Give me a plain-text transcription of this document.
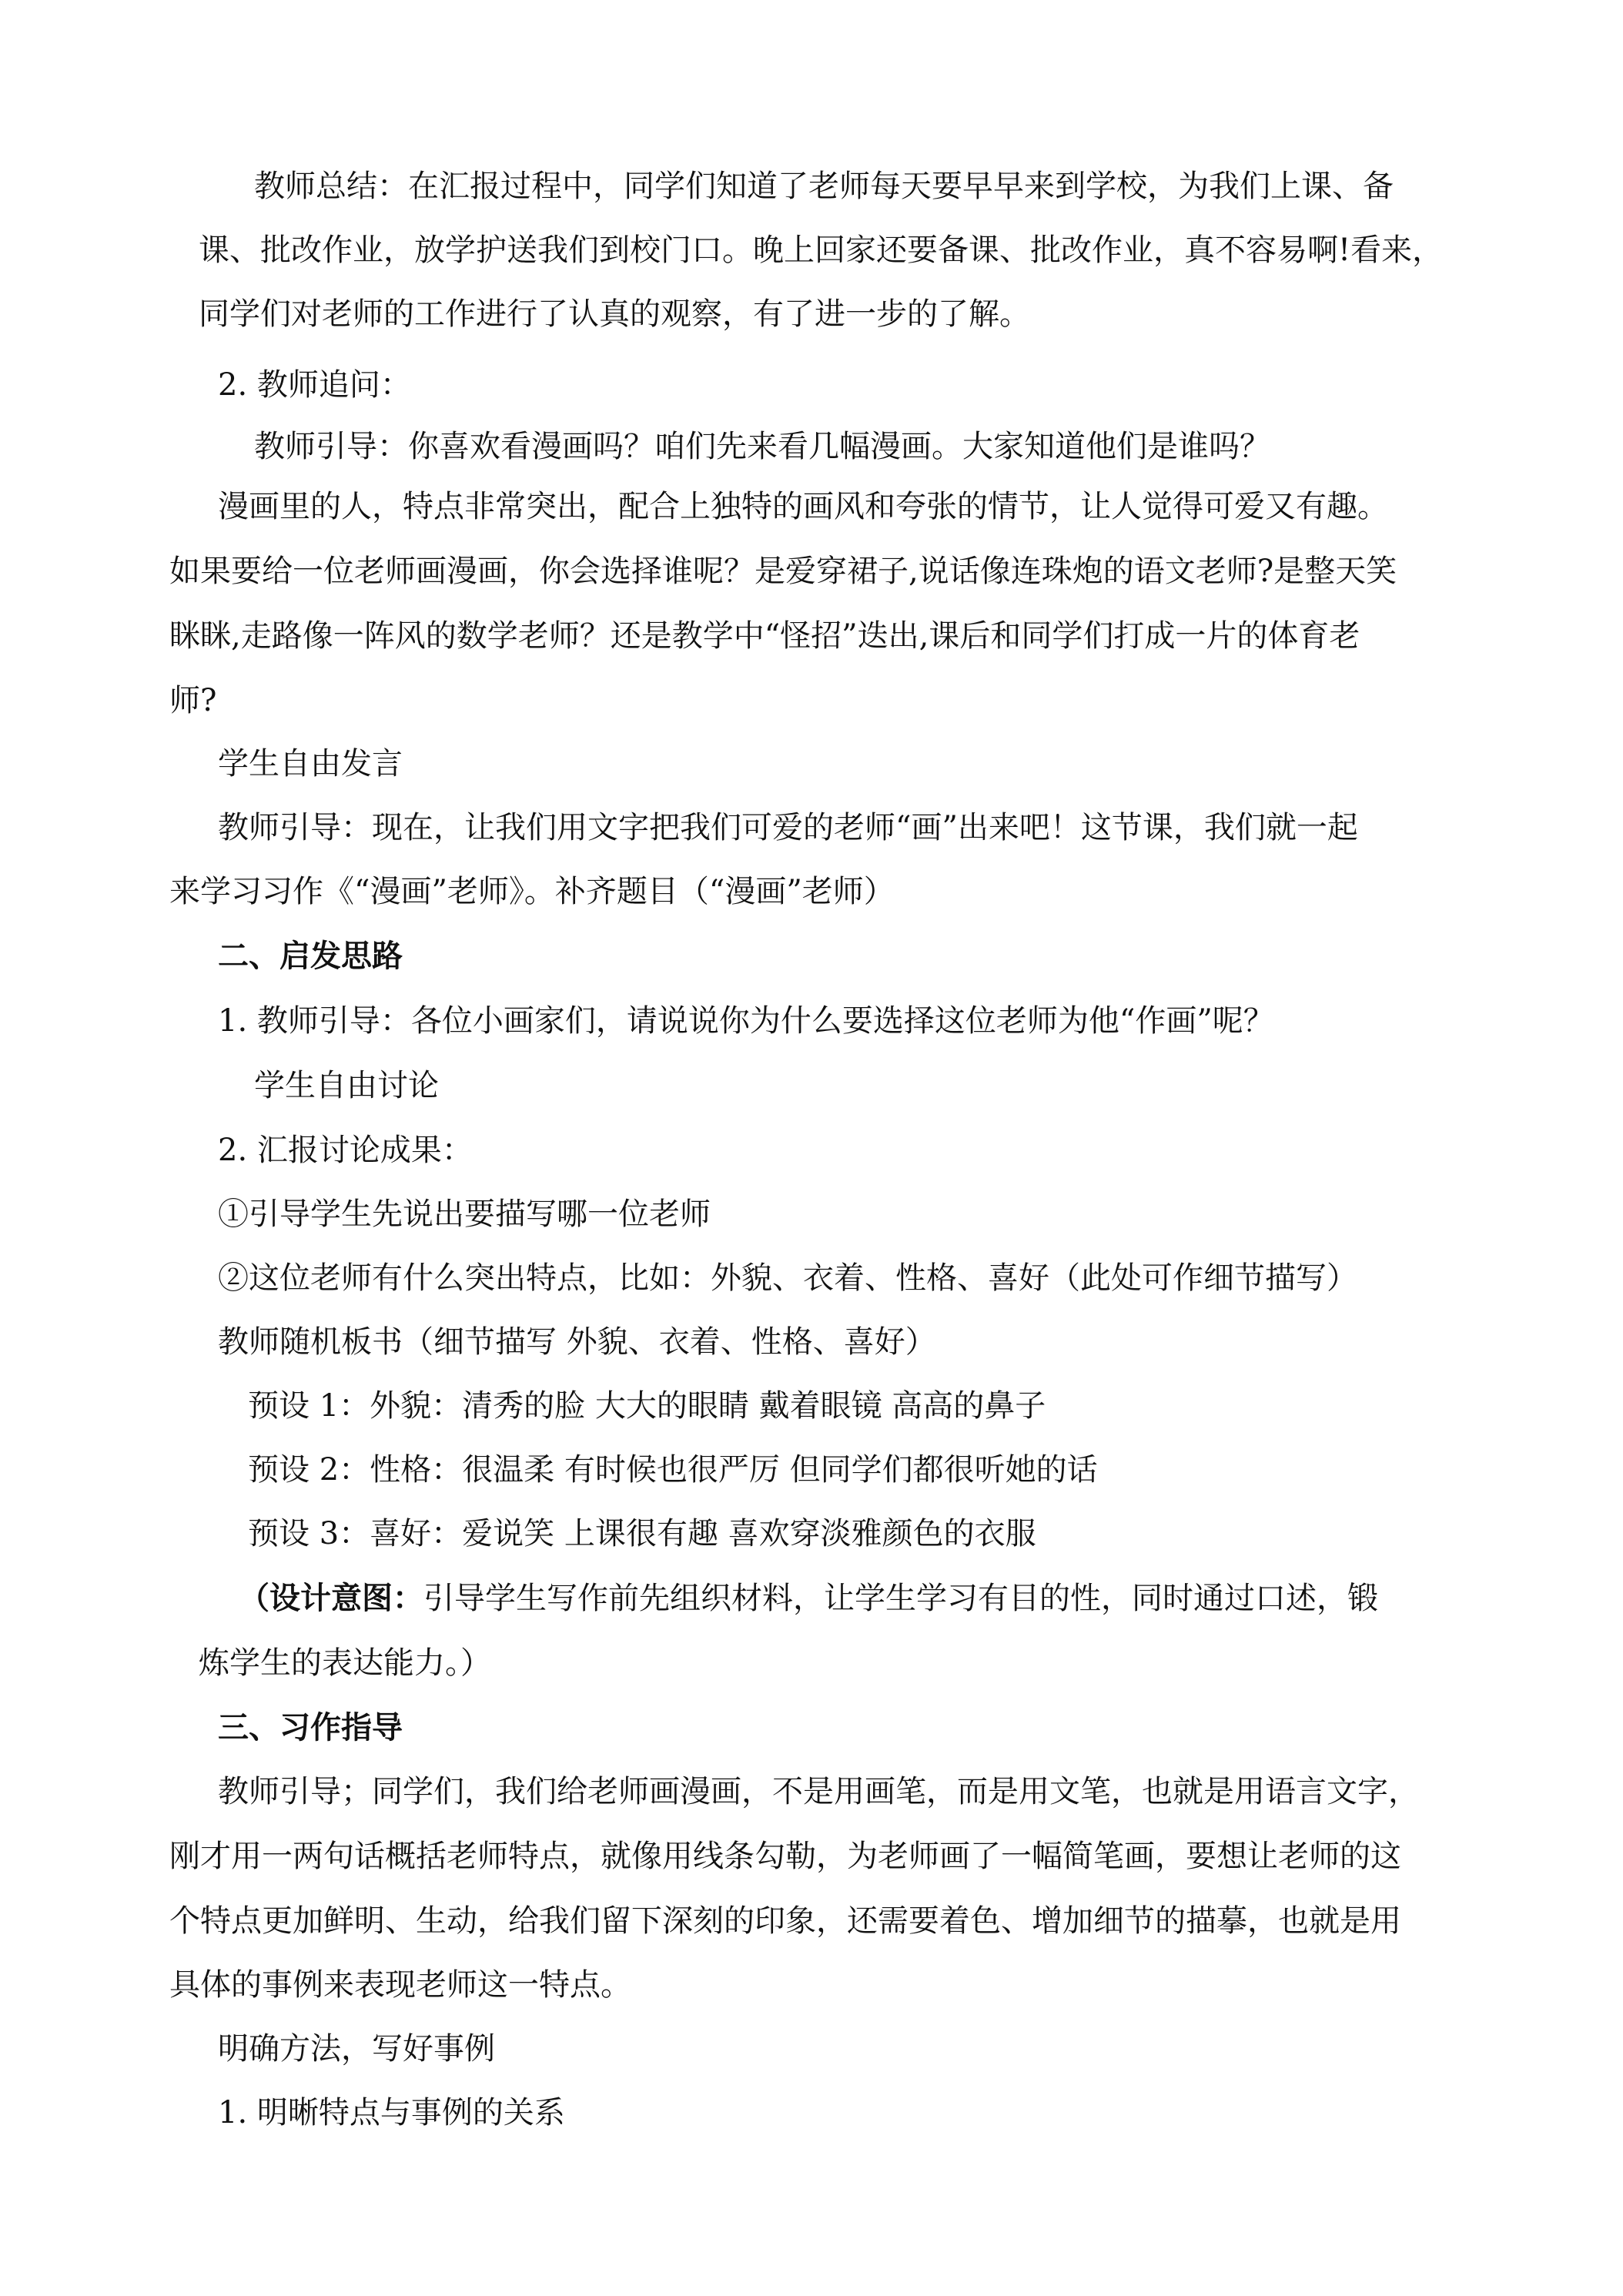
教师总结：在汇报过程中，同学们知道了老师每天要早早来到学校，为我们上课、备

课、批改作业，放学护送我们到校门口。晚上回家还要备课、批改作业，真不容易啊!看来，

同学们对老师的工作进行了认真的观察，有了进一步的了解。

2. 教师追问：

教师引导：你喜欢看漫画吗？咱们先来看几幅漫画。大家知道他们是谁吗？

漫画里的人，特点非常突出，配合上独特的画风和夸张的情节，让人觉得可爱又有趣。

如果要给一位老师画漫画，你会选择谁呢？是爱穿裙子,说话像连珠炮的语文老师?是整天笑

眯眯,走路像一阵风的数学老师？还是教学中“怪招”迭出,课后和同学们打成一片的体育老

师?

学生自由发言

教师引导：现在，让我们用文字把我们可爱的老师“画”出来吧！这节课，我们就一起

来学习习作《“漫画”老师》。补齐题目（“漫画”老师）

二、启发思路

1. 教师引导：各位小画家们，请说说你为什么要选择这位老师为他“作画”呢？

学生自由讨论

2. 汇报讨论成果：

①引导学生先说出要描写哪一位老师

②这位老师有什么突出特点，比如：外貌、衣着、性格、喜好（此处可作细节描写）

教师随机板书（细节描写 外貌、衣着、性格、喜好）

预设 1：外貌：清秀的脸 大大的眼睛 戴着眼镜 高高的鼻子

预设 2：性格：很温柔 有时候也很严厉 但同学们都很听她的话

预设 3：喜好：爱说笑 上课很有趣 喜欢穿淡雅颜色的衣服

（设计意图：引导学生写作前先组织材料，让学生学习有目的性，同时通过口述，锻

炼学生的表达能力。）

三、习作指导

教师引导；同学们，我们给老师画漫画，不是用画笔，而是用文笔，也就是用语言文字，

刚才用一两句话概括老师特点，就像用线条勾勒，为老师画了一幅简笔画，要想让老师的这

个特点更加鲜明、生动，给我们留下深刻的印象，还需要着色、增加细节的描摹，也就是用

具体的事例来表现老师这一特点。

明确方法，写好事例

1. 明晰特点与事例的关系
